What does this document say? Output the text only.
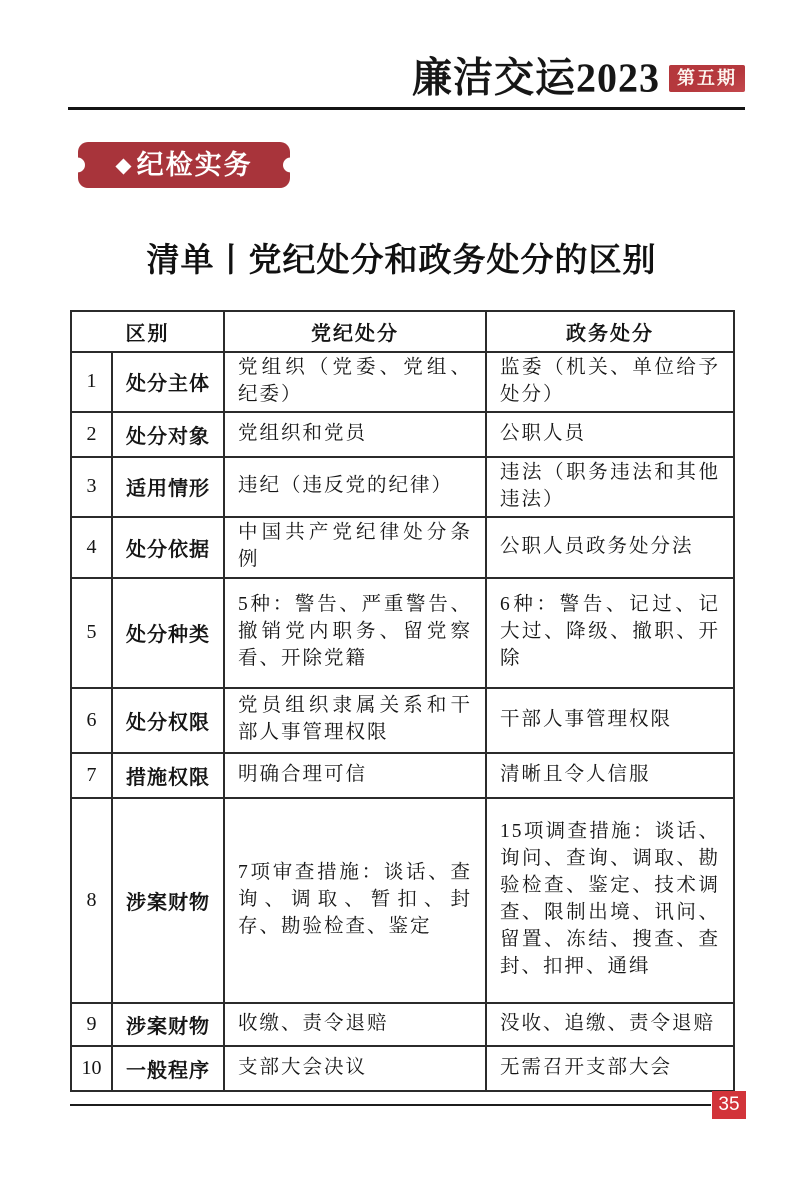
廉洁交运2023 第五期
◆ 纪检实务
清单丨党纪处分和政务处分的区别
区别		党纪处分	政务处分
1	处分主体	党组织（党委、党组、纪委）	监委（机关、单位给予处分）
2	处分对象	党组织和党员	公职人员
3	适用情形	违纪（违反党的纪律）	违法（职务违法和其他违法）
4	处分依据	中国共产党纪律处分条例	公职人员政务处分法
5	处分种类	5种：警告、严重警告、撤销党内职务、留党察看、开除党籍	6种：警告、记过、记大过、降级、撤职、开除
6	处分权限	党员组织隶属关系和干部人事管理权限	干部人事管理权限
7	措施权限	明确合理可信	清晰且令人信服
8	涉案财物	7项审查措施：谈话、查询、调取、暂扣、封存、勘验检查、鉴定	15项调查措施：谈话、询问、查询、调取、勘验检查、鉴定、技术调查、限制出境、讯问、留置、冻结、搜查、查封、扣押、通缉
9	涉案财物	收缴、责令退赔	没收、追缴、责令退赔
10	一般程序	支部大会决议	无需召开支部大会
35
